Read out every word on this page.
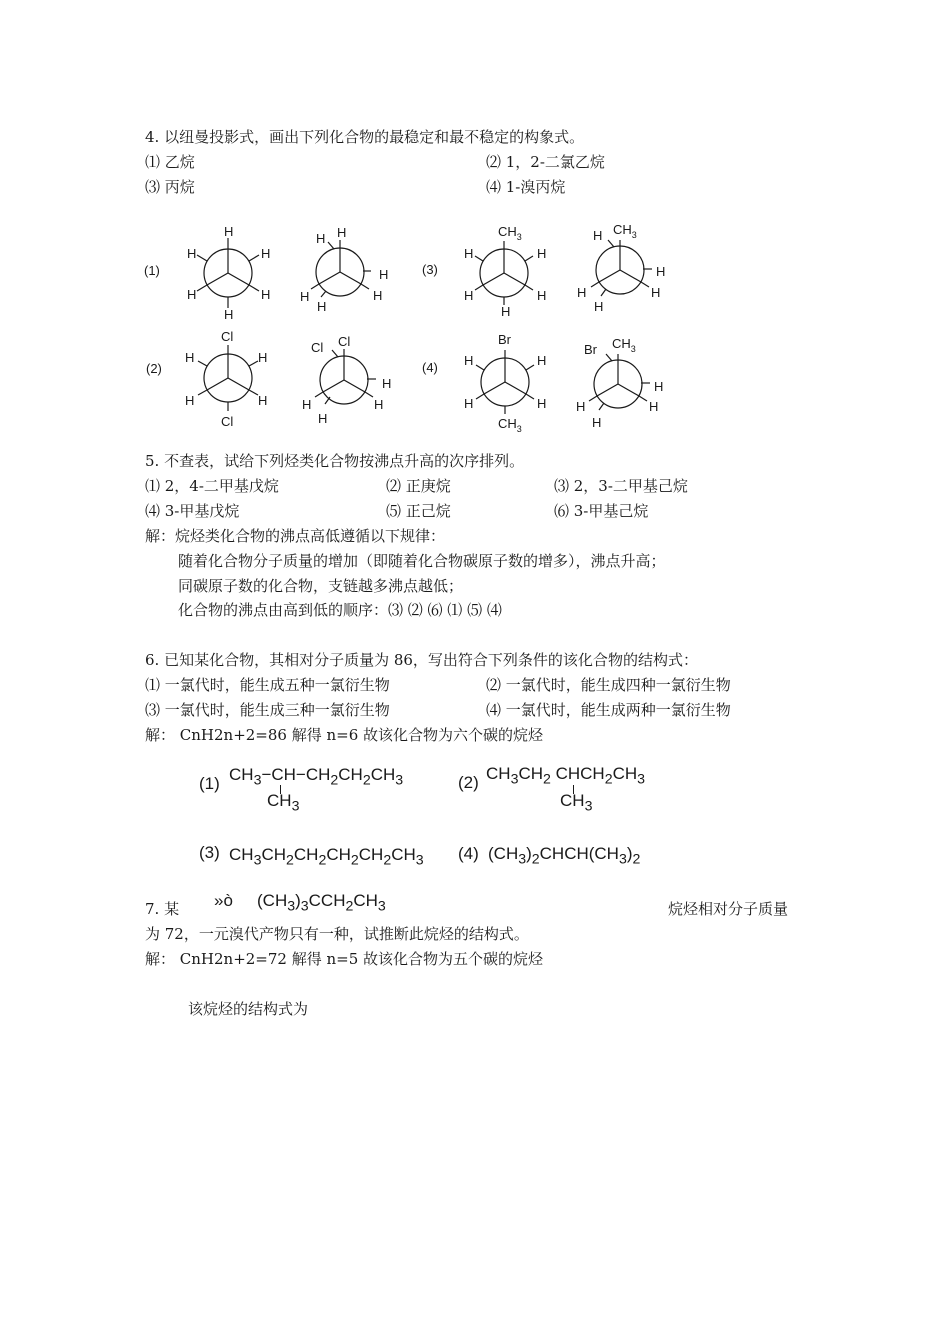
4. 以纽曼投影式，画出下列化合物的最稳定和最不稳定的构象式。
⑴ 乙烷	⑵ 1，2-二氯乙烷
⑶ 丙烷	⑷ 1-溴丙烷
(1)
(2)
(3)
(4)
H
H	H
H	H
H
H H
H
H
H
H
$CH_3$
H	H
H	H
H
H $CH_3$
H
H
H
H
Cl
H	H
H	H
Cl
Cl Cl
H
H
H
H
Br
H	H
H	H
$CH_3$
Br $CH_3$
H
H
H
H
5. 不查表，试给下列烃类化合物按沸点升高的次序排列。
⑴ 2，4-二甲基戊烷	⑵ 正庚烷	⑶ 2，3-二甲基己烷
⑷ 3-甲基戊烷	⑸ 正己烷	⑹ 3-甲基己烷
解：烷烃类化合物的沸点高低遵循以下规律：
随着化合物分子质量的增加（即随着化合物碳原子数的增多），沸点升高；
同碳原子数的化合物，支链越多沸点越低；
化合物的沸点由高到低的顺序：⑶ ⑵ ⑹ ⑴ ⑸ ⑷
6. 已知某化合物，其相对分子质量为 86，写出符合下列条件的该化合物的结构式：
⑴ 一氯代时，能生成五种一氯衍生物	⑵ 一氯代时，能生成四种一氯衍生物
⑶ 一氯代时，能生成三种一氯衍生物	⑷ 一氯代时，能生成两种一氯衍生物
解： CnH2n+2=86 解得 n=6 故该化合物为六个碳的烷烃
(1) $CH_3-CH-CH_2CH_2CH_3$
$CH_3$
(2) $CH_3CH_2$ $CHCH_2CH_3$
$CH_3$
(3) $CH_3CH_2CH_2CH_2CH_2CH_3$ (4) $(CH_3)_2CHCH(CH_3)_2$
7. 某 »ò $(CH_3)_3CCH_2CH_3$	烷烃相对分子质量
为 72，一元溴代产物只有一种，试推断此烷烃的结构式。
解： CnH2n+2=72 解得 n=5 故该化合物为五个碳的烷烃
该烷烃的结构式为
